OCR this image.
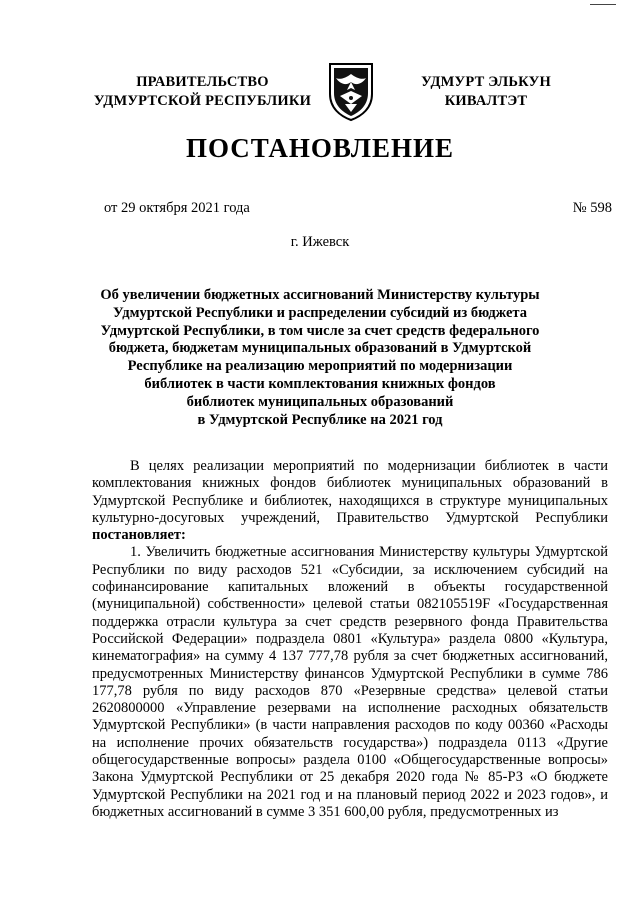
ПРАВИТЕЛЬСТВО
УДМУРТСКОЙ РЕСПУБЛИКИ
УДМУРТ ЭЛЬКУН
КИВАЛТЭТ
ПОСТАНОВЛЕНИЕ
от 29 октября 2021 года	№ 598
г. Ижевск
Об увеличении бюджетных ассигнований Министерству культуры
Удмуртской Республики и распределении субсидий из бюджета
Удмуртской Республики, в том числе за счет средств федерального
бюджета, бюджетам муниципальных образований в Удмуртской
Республике на реализацию мероприятий по модернизации
библиотек в части комплектования книжных фондов
библиотек муниципальных образований
в Удмуртской Республике на 2021 год

В целях реализации мероприятий по модернизации библиотек в части комплектования книжных фондов библиотек муниципальных образований в Удмуртской Республике и библиотек, находящихся в структуре муниципальных культурно-досуговых учреждений, Правительство Удмуртской Республики постановляет:

1. Увеличить бюджетные ассигнования Министерству культуры Удмуртской Республики по виду расходов 521 «Субсидии, за исключением субсидий на софинансирование капитальных вложений в объекты государственной (муниципальной) собственности» целевой статьи 082105519F «Государственная поддержка отрасли культура за счет средств резервного фонда Правительства Российской Федерации» подраздела 0801 «Культура» раздела 0800 «Культура, кинематография» на сумму 4 137 777,78 рубля за счет бюджетных ассигнований, предусмотренных Министерству финансов Удмуртской Республики в сумме 786 177,78 рубля по виду расходов 870 «Резервные средства» целевой статьи 2620800000 «Управление резервами на исполнение расходных обязательств Удмуртской Республики» (в части направления расходов по коду 00360 «Расходы на исполнение прочих обязательств государства») подраздела 0113 «Другие общегосударственные вопросы» раздела 0100 «Общегосударственные вопросы» Закона Удмуртской Республики от 25 декабря 2020 года № 85-РЗ «О бюджете Удмуртской Республики на 2021 год и на плановый период 2022 и 2023 годов», и бюджетных ассигнований в сумме 3 351 600,00 рубля, предусмотренных из
